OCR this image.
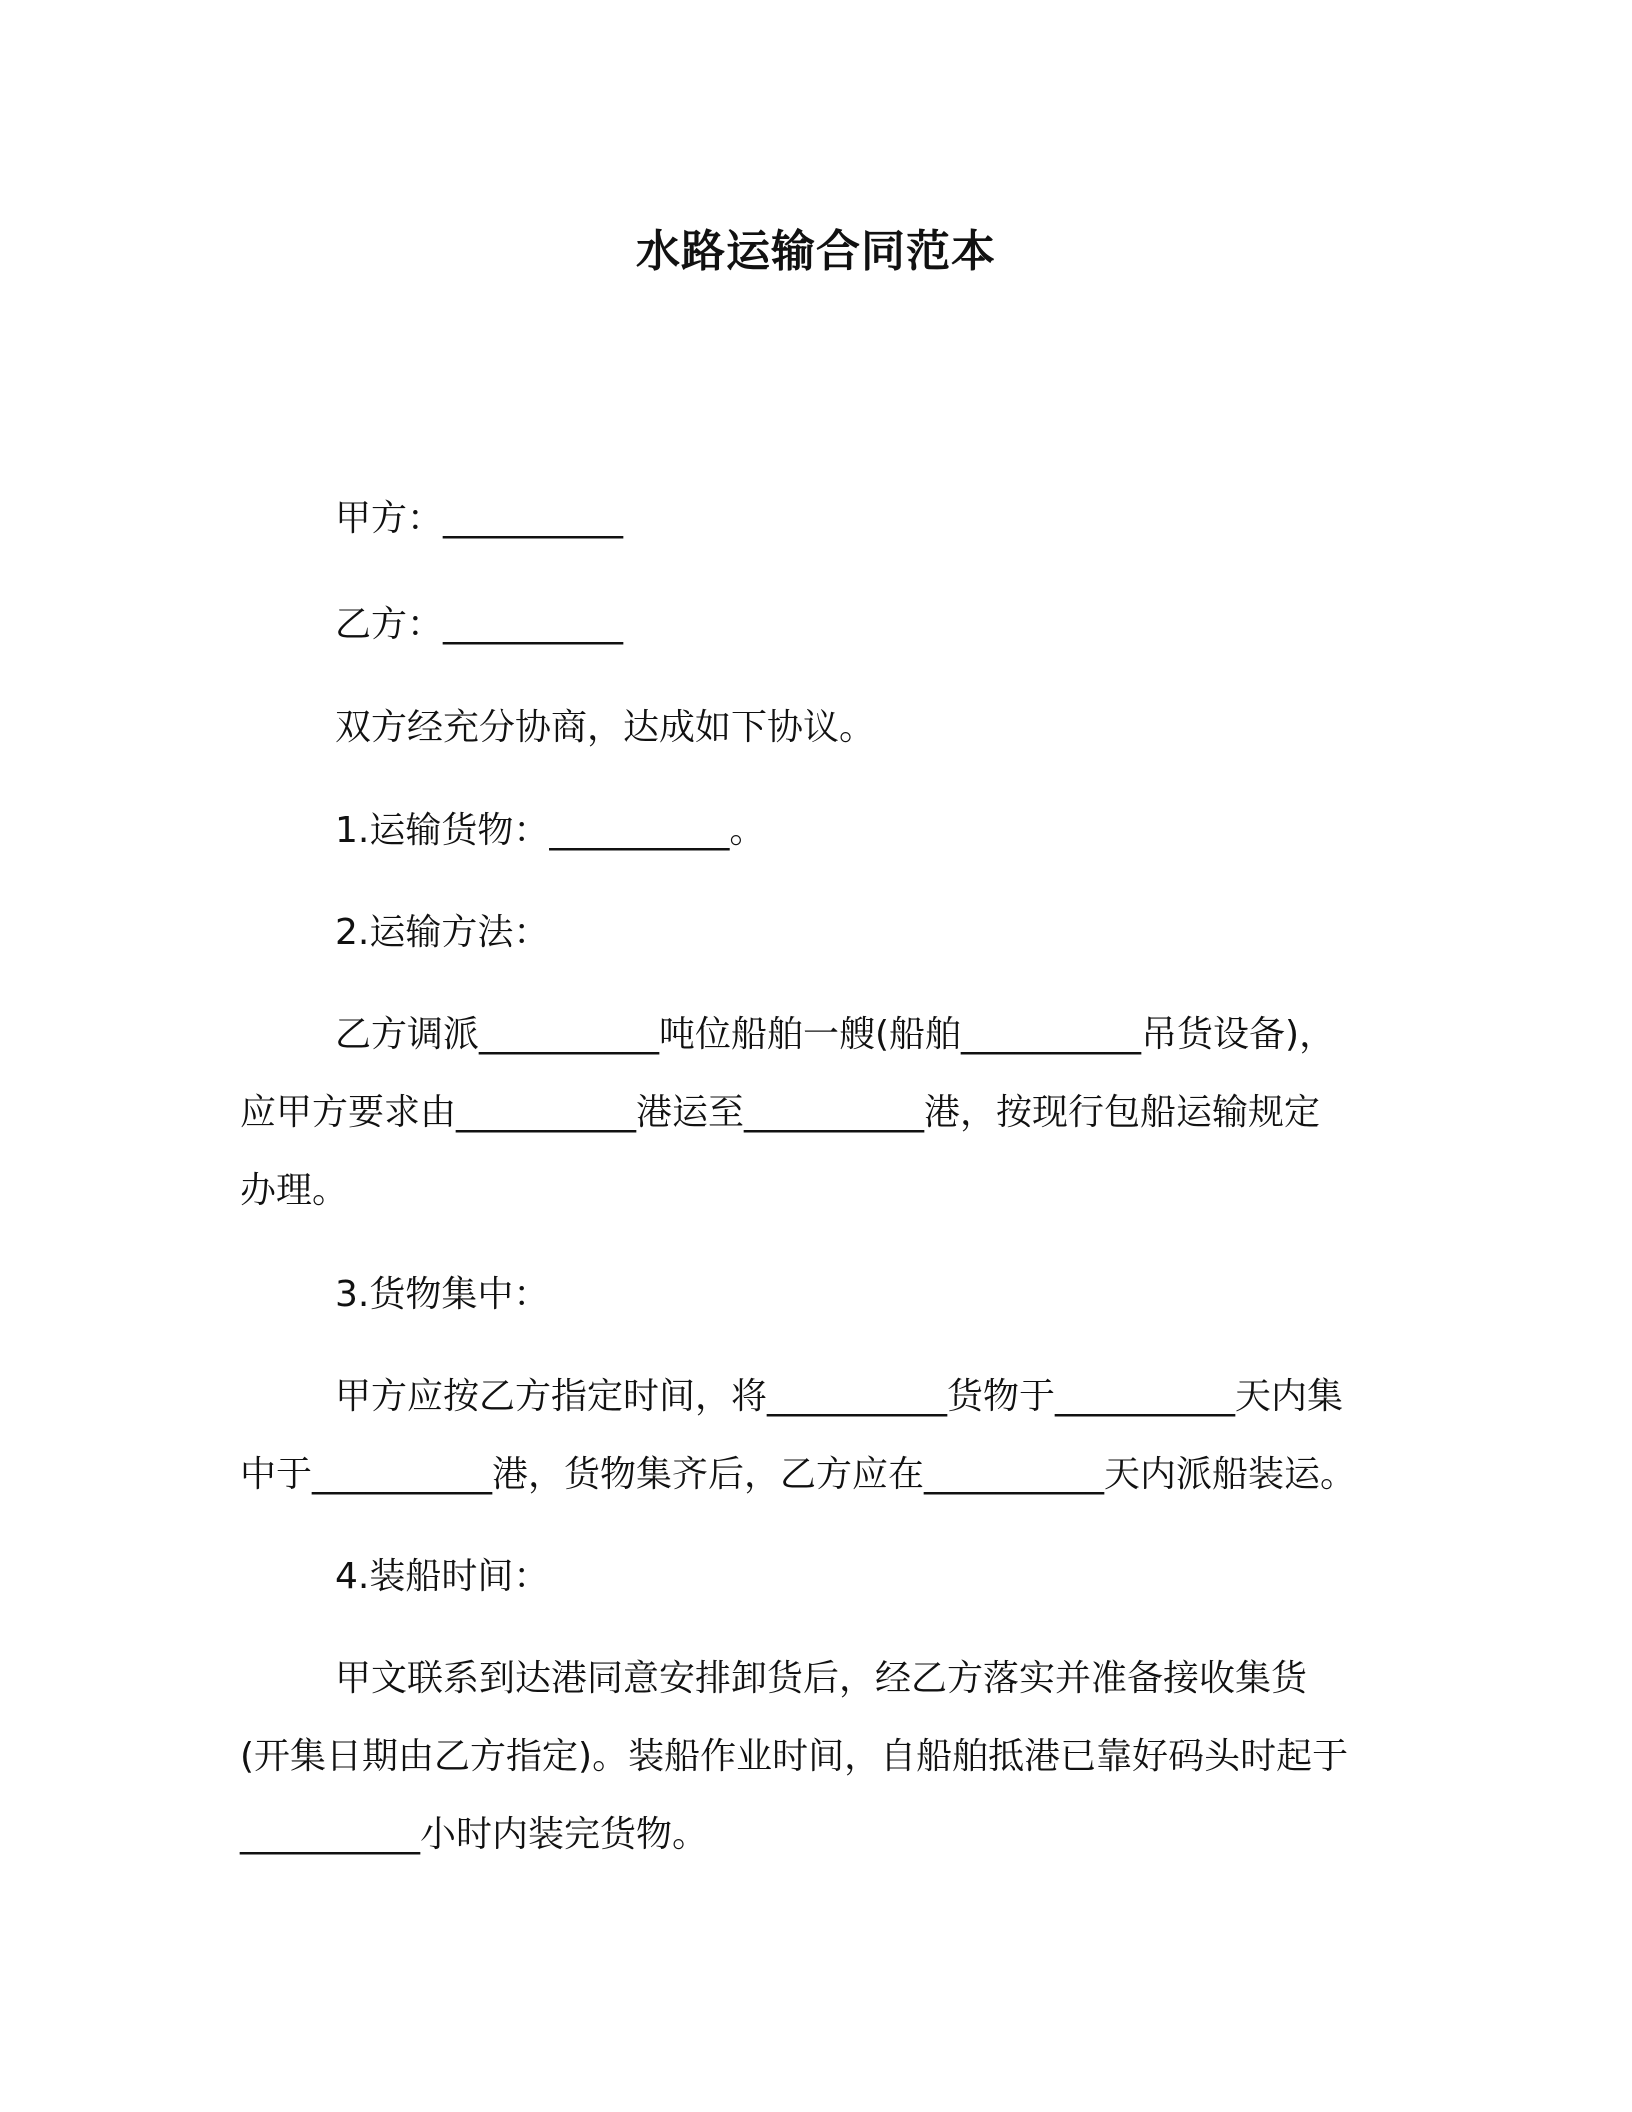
水路运输合同范本
甲方：__________
乙方：__________
双方经充分协商，达成如下协议。
1.运输货物：__________。
2.运输方法：
乙方调派__________吨位船舶一艘(船舶__________吊货设备)，
应甲方要求由__________港运至__________港，按现行包船运输规定
办理。
3.货物集中：
甲方应按乙方指定时间，将__________货物于__________天内集
中于__________港，货物集齐后，乙方应在__________天内派船装运。
4.装船时间：
甲文联系到达港同意安排卸货后，经乙方落实并准备接收集货
(开集日期由乙方指定)。装船作业时间，自船舶抵港已靠好码头时起于
__________小时内装完货物。
